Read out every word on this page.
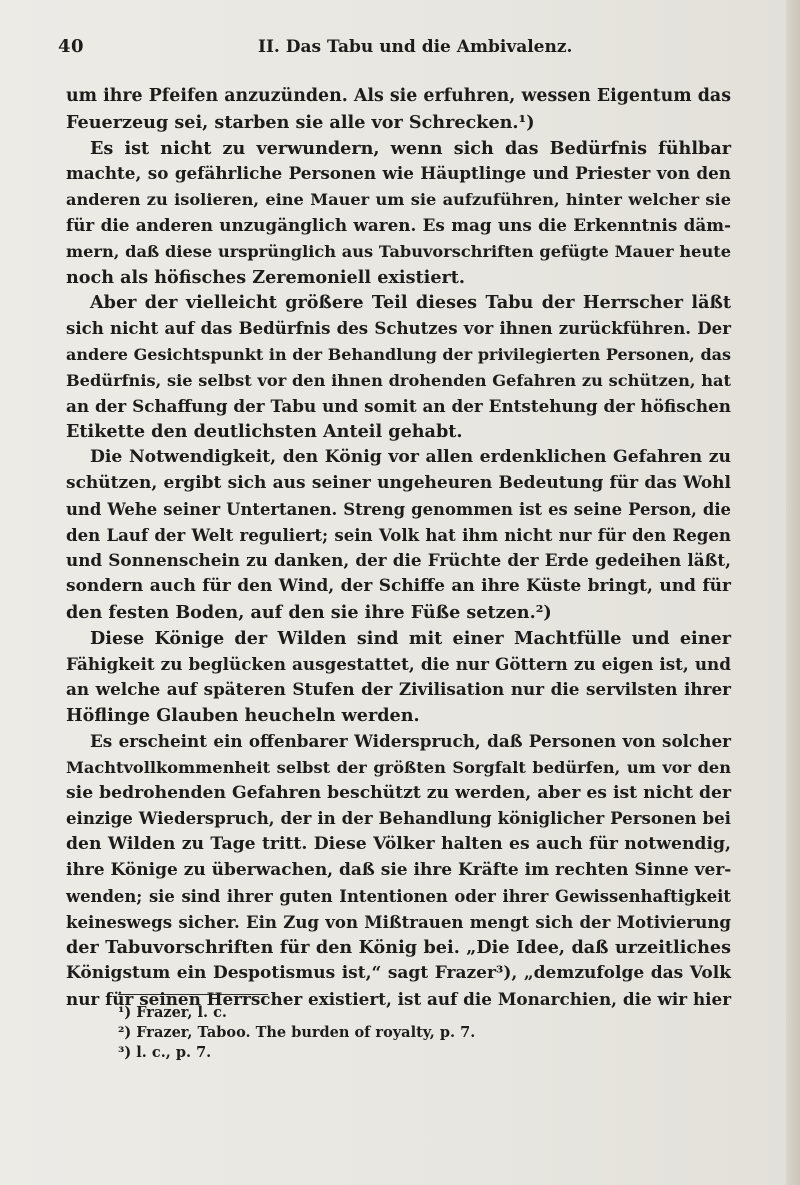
40	II. Das Tabu und die Ambivalenz.
um ihre Pfeifen anzuzünden. Als sie erfuhren, wessen Eigentum das
Feuerzeug sei, starben sie alle vor Schrecken.¹)
Es ist nicht zu verwundern, wenn sich das Bedürfnis fühlbar
machte, so gefährliche Personen wie Häuptlinge und Priester von den
anderen zu isolieren, eine Mauer um sie aufzuführen, hinter welcher sie
für die anderen unzugänglich waren. Es mag uns die Erkenntnis däm-
mern, daß diese ursprünglich aus Tabuvorschriften gefügte Mauer heute
noch als höfisches Zeremoniell existiert.
Aber der vielleicht größere Teil dieses Tabu der Herrscher läßt
sich nicht auf das Bedürfnis des Schutzes vor ihnen zurückführen. Der
andere Gesichtspunkt in der Behandlung der privilegierten Personen, das
Bedürfnis, sie selbst vor den ihnen drohenden Gefahren zu schützen, hat
an der Schaffung der Tabu und somit an der Entstehung der höfischen
Etikette den deutlichsten Anteil gehabt.
Die Notwendigkeit, den König vor allen erdenklichen Gefahren zu
schützen, ergibt sich aus seiner ungeheuren Bedeutung für das Wohl
und Wehe seiner Untertanen. Streng genommen ist es seine Person, die
den Lauf der Welt reguliert; sein Volk hat ihm nicht nur für den Regen
und Sonnenschein zu danken, der die Früchte der Erde gedeihen läßt,
sondern auch für den Wind, der Schiffe an ihre Küste bringt, und für
den festen Boden, auf den sie ihre Füße setzen.²)
Diese Könige der Wilden sind mit einer Machtfülle und einer
Fähigkeit zu beglücken ausgestattet, die nur Göttern zu eigen ist, und
an welche auf späteren Stufen der Zivilisation nur die servilsten ihrer
Höflinge Glauben heucheln werden.
Es erscheint ein offenbarer Widerspruch, daß Personen von solcher
Machtvollkommenheit selbst der größten Sorgfalt bedürfen, um vor den
sie bedrohenden Gefahren beschützt zu werden, aber es ist nicht der
einzige Wiederspruch, der in der Behandlung königlicher Personen bei
den Wilden zu Tage tritt. Diese Völker halten es auch für notwendig,
ihre Könige zu überwachen, daß sie ihre Kräfte im rechten Sinne ver-
wenden; sie sind ihrer guten Intentionen oder ihrer Gewissenhaftigkeit
keineswegs sicher. Ein Zug von Mißtrauen mengt sich der Motivierung
der Tabuvorschriften für den König bei. „Die Idee, daß urzeitliches
Königstum ein Despotismus ist,“ sagt Frazer³), „demzufolge das Volk
nur für seinen Herrscher existiert, ist auf die Monarchien, die wir hier
¹) Frazer, l. c.
²) Frazer, Taboo. The burden of royalty, p. 7.
³) l. c., p. 7.
